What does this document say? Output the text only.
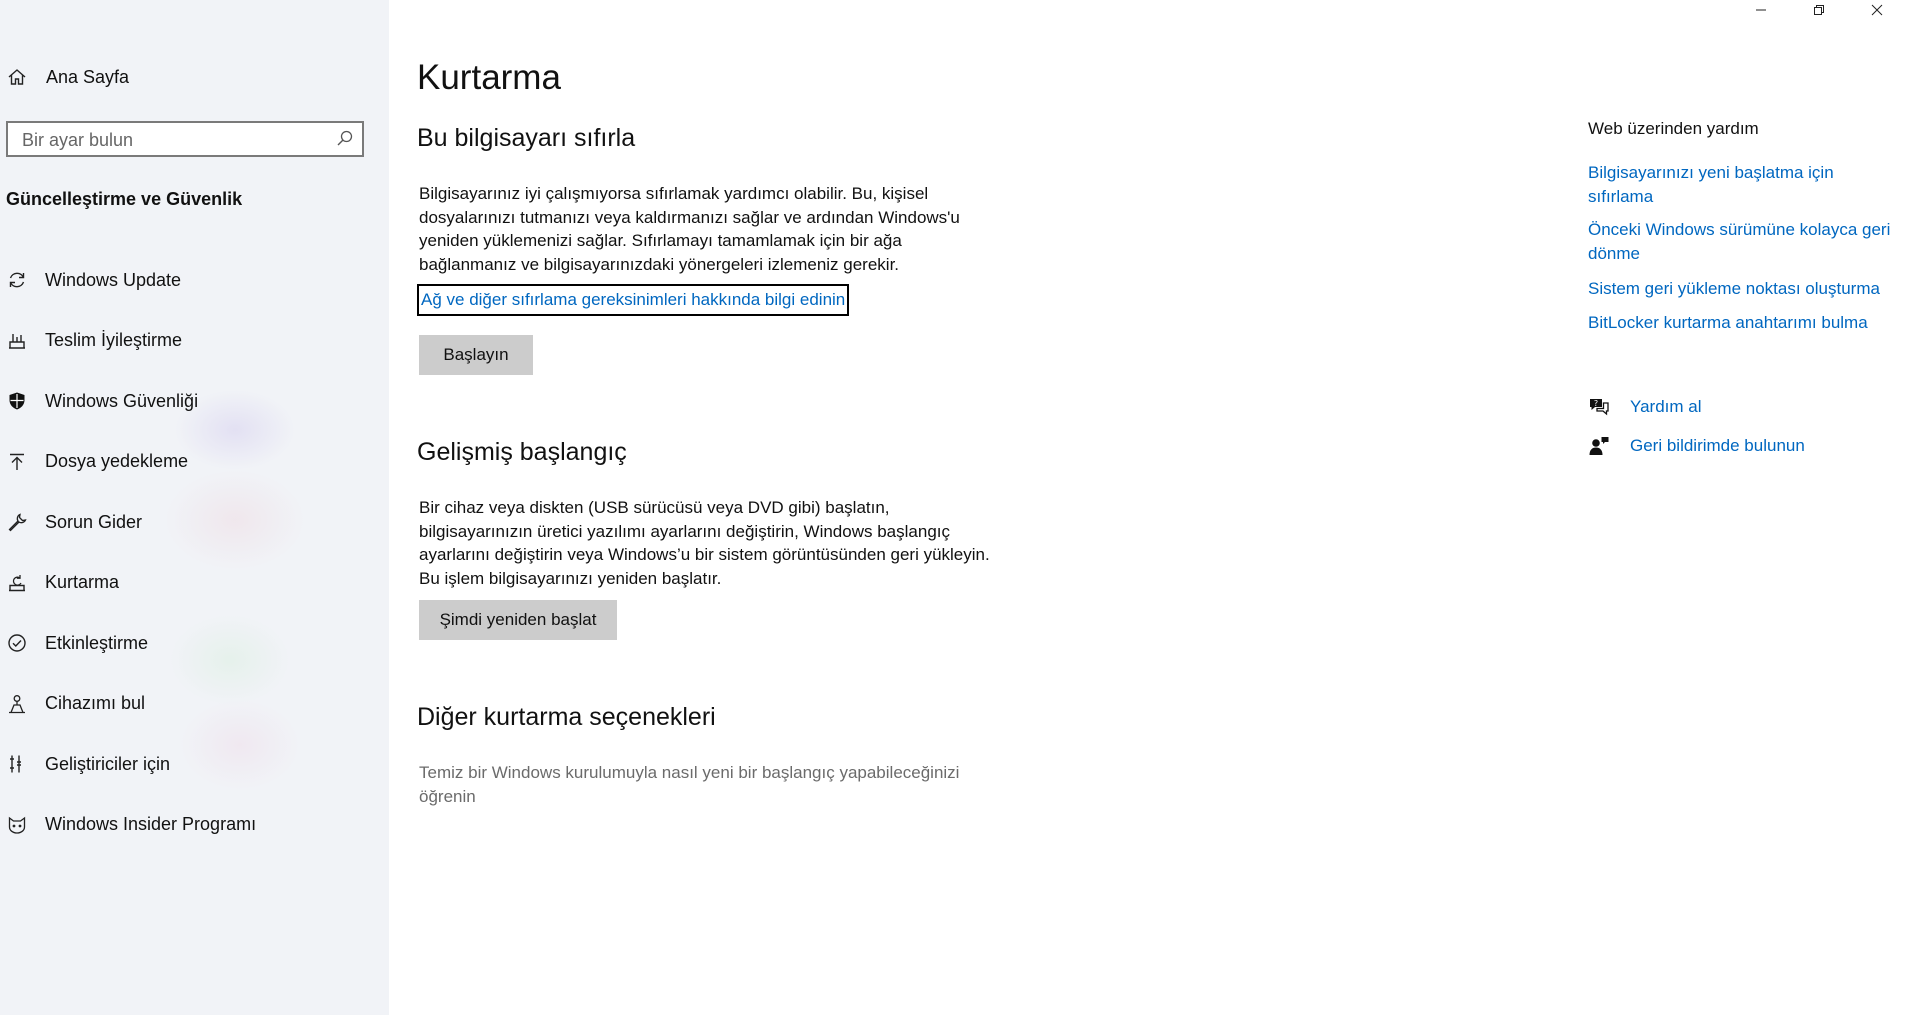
Ana Sayfa
Bir ayar bulun
Güncelleştirme ve Güvenlik
Windows Update
Teslim İyileştirme
Windows Güvenliği
Dosya yedekleme
Sorun Gider
Kurtarma
Etkinleştirme
Cihazımı bul
Geliştiriciler için
Windows Insider Programı
Kurtarma
Bu bilgisayarı sıfırla

Bilgisayarınız iyi çalışmıyorsa sıfırlamak yardımcı olabilir. Bu, kişisel dosyalarınızı tutmanızı veya kaldırmanızı sağlar ve ardından Windows'u yeniden yüklemenizi sağlar. Sıfırlamayı tamamlamak için bir ağa bağlanmanız ve bilgisayarınızdaki yönergeleri izlemeniz gerekir.

Ağ ve diğer sıfırlama gereksinimleri hakkında bilgi edinin
Başlayın
Gelişmiş başlangıç

Bir cihaz veya diskten (USB sürücüsü veya DVD gibi) başlatın, bilgisayarınızın üretici yazılımı ayarlarını değiştirin, Windows başlangıç ayarlarını değiştirin veya Windows’u bir sistem görüntüsünden geri yükleyin. Bu işlem bilgisayarınızı yeniden başlatır.

Şimdi yeniden başlat
Diğer kurtarma seçenekleri

Temiz bir Windows kurulumuyla nasıl yeni bir başlangıç yapabileceğinizi öğrenin

Web üzerinden yardım
Bilgisayarınızı yeni başlatma için sıfırlama
Önceki Windows sürümüne kolayca geri dönme
Sistem geri yükleme noktası oluşturma
BitLocker kurtarma anahtarımı bulma
? Yardım al
Geri bildirimde bulunun
